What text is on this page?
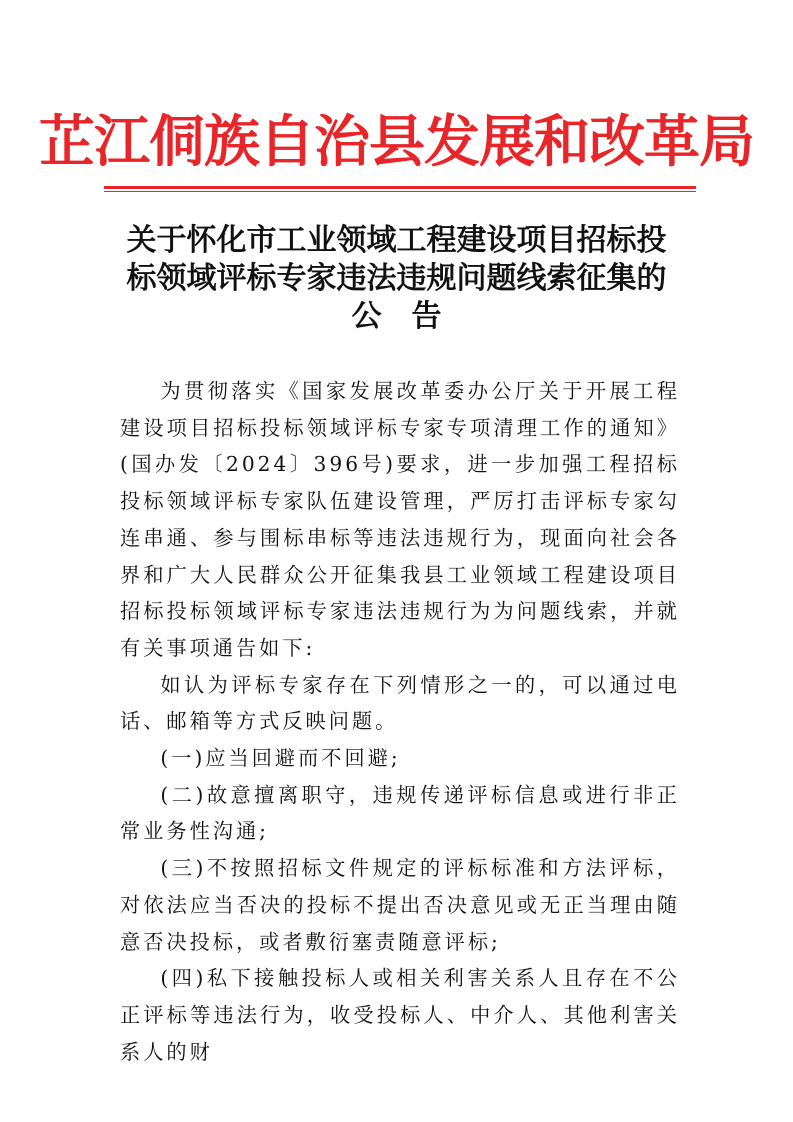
芷江侗族自治县发展和改革局
关于怀化市工业领域工程建设项目招标投
标领域评标专家违法违规问题线索征集的
公　告

为贯彻落实《国家发展改革委办公厅关于开展工程建设项目招标投标领域评标专家专项清理工作的通知》(国办发〔2024〕396号)要求，进一步加强工程招标投标领域评标专家队伍建设管理，严厉打击评标专家勾连串通、参与围标串标等违法违规行为，现面向社会各界和广大人民群众公开征集我县工业领域工程建设项目招标投标领域评标专家违法违规行为为问题线索，并就有关事项通告如下:

如认为评标专家存在下列情形之一的，可以通过电话、邮箱等方式反映问题。

(一)应当回避而不回避;

(二)故意擅离职守，违规传递评标信息或进行非正常业务性沟通;

(三)不按照招标文件规定的评标标准和方法评标，对依法应当否决的投标不提出否决意见或无正当理由随意否决投标，或者敷衍塞责随意评标;

(四)私下接触投标人或相关利害关系人且存在不公正评标等违法行为，收受投标人、中介人、其他利害关系人的财
